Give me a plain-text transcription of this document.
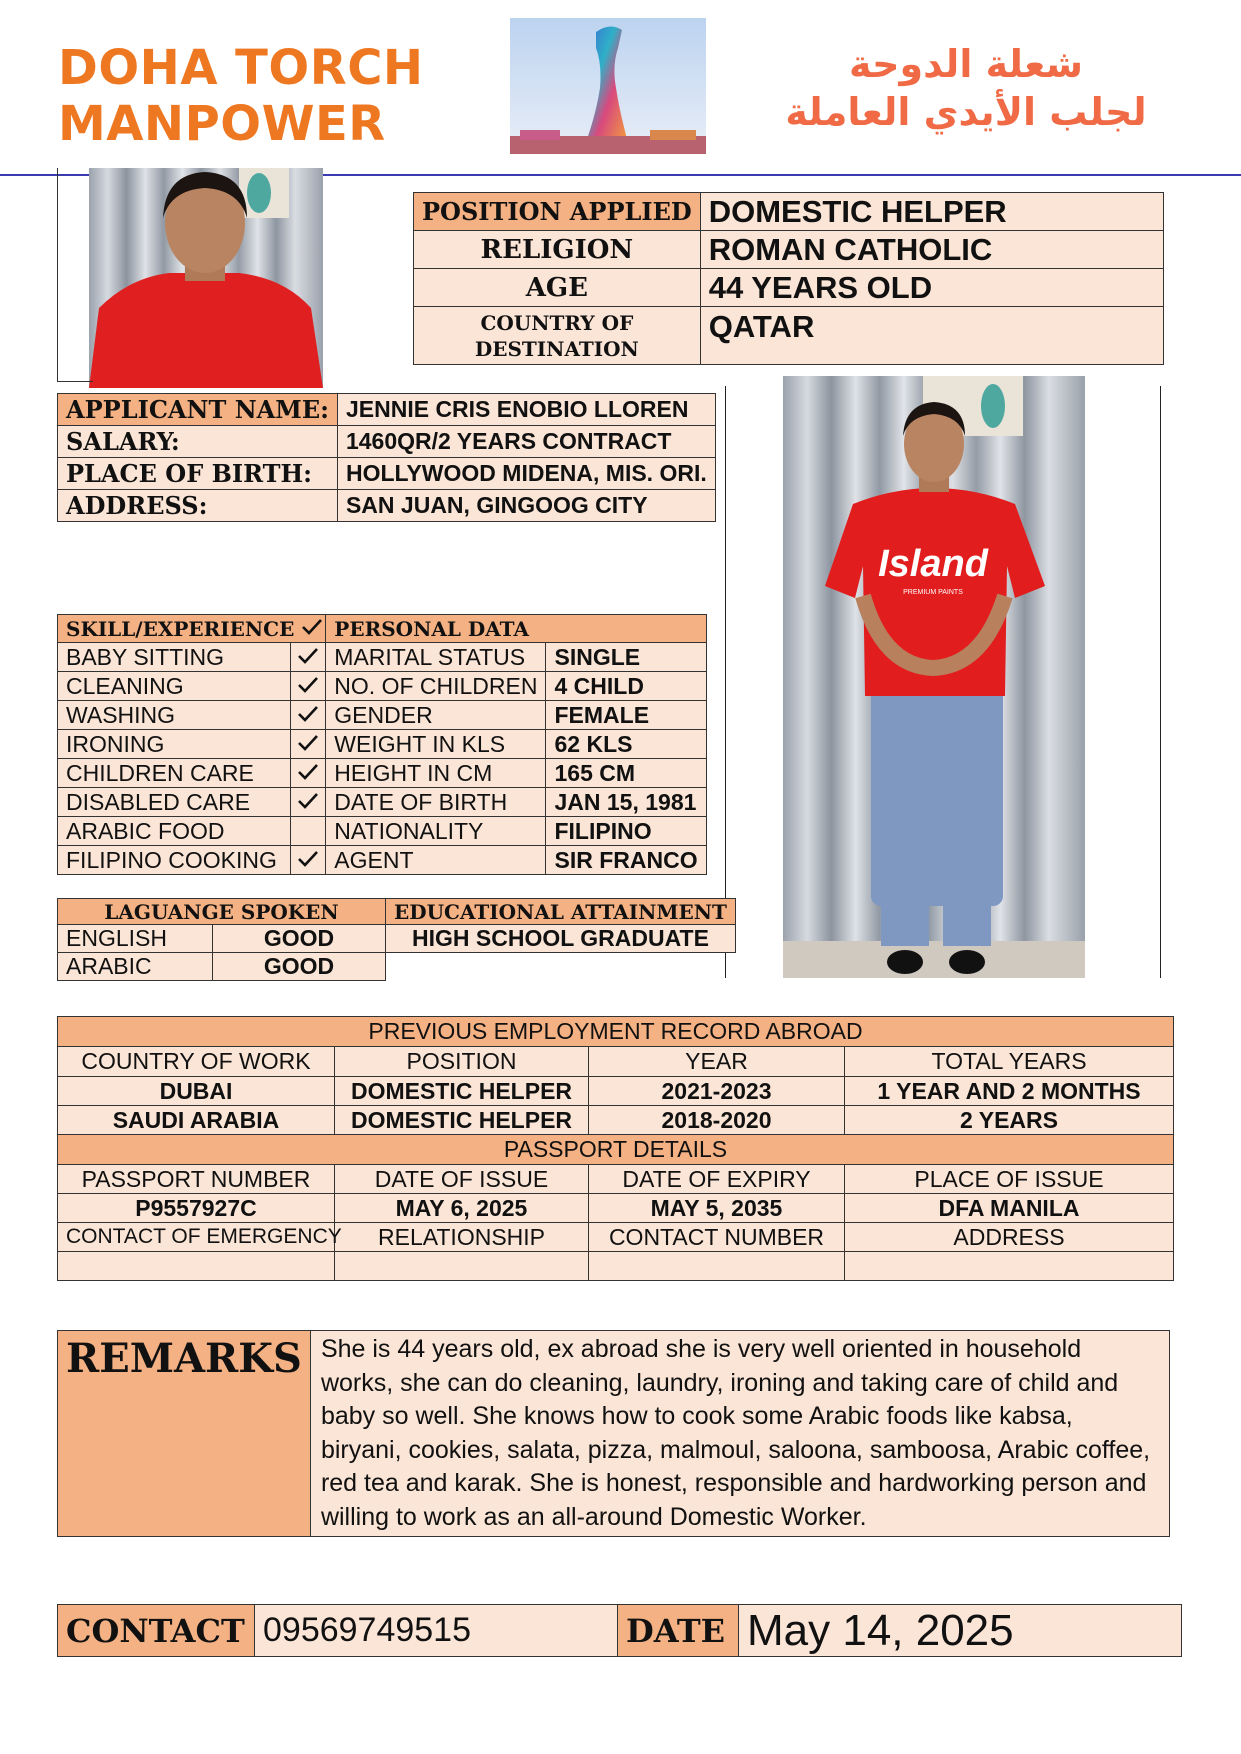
DOHA TORCH
MANPOWER
شعلة الدوحة
لجلب الأيدي العاملة
POSITION APPLIED	DOMESTIC HELPER
RELIGION	ROMAN CATHOLIC
AGE	44 YEARS OLD
COUNTRY OF DESTINATION	QATAR
APPLICANT NAME:	JENNIE CRIS ENOBIO LLOREN
SALARY:	1460QR/2 YEARS CONTRACT
PLACE OF BIRTH:	HOLLYWOOD MIDENA, MIS. ORI.
ADDRESS:	SAN JUAN, GINGOOG CITY
Island
PREMIUM PAINTS
SKILL/EXPERIENCE		PERSONAL DATA	
BABY SITTING		MARITAL STATUS	SINGLE
CLEANING		NO. OF CHILDREN	4 CHILD
WASHING		GENDER	FEMALE
IRONING		WEIGHT IN KLS	62 KLS
CHILDREN CARE		HEIGHT IN CM	165 CM
DISABLED CARE		DATE OF BIRTH	JAN 15, 1981
ARABIC FOOD		NATIONALITY	FILIPINO
FILIPINO COOKING		AGENT	SIR FRANCO
LAGUANGE SPOKEN	
ENGLISH	GOOD
ARABIC	GOOD
EDUCATIONAL ATTAINMENT
HIGH SCHOOL GRADUATE
PREVIOUS EMPLOYMENT RECORD ABROAD			
COUNTRY OF WORK	POSITION	YEAR	TOTAL YEARS
DUBAI	DOMESTIC HELPER	2021-2023	1 YEAR AND 2 MONTHS
SAUDI ARABIA	DOMESTIC HELPER	2018-2020	2 YEARS
PASSPORT DETAILS			
PASSPORT NUMBER	DATE OF ISSUE	DATE OF EXPIRY	PLACE OF ISSUE
P9557927C	MAY 6, 2025	MAY 5, 2035	DFA MANILA
CONTACT OF EMERGENCY	RELATIONSHIP	CONTACT NUMBER	ADDRESS

REMARKS	She is 44 years old, ex abroad she is very well oriented in household works, she can do cleaning, laundry, ironing and taking care of child and baby so well. She knows how to cook some Arabic foods like kabsa, biryani, cookies, salata, pizza, malmoul, saloona, samboosa, Arabic coffee, red tea and karak. She is honest, responsible and hardworking person and willing to work as an all-around Domestic Worker.
CONTACT	09569749515	DATE	May 14, 2025
